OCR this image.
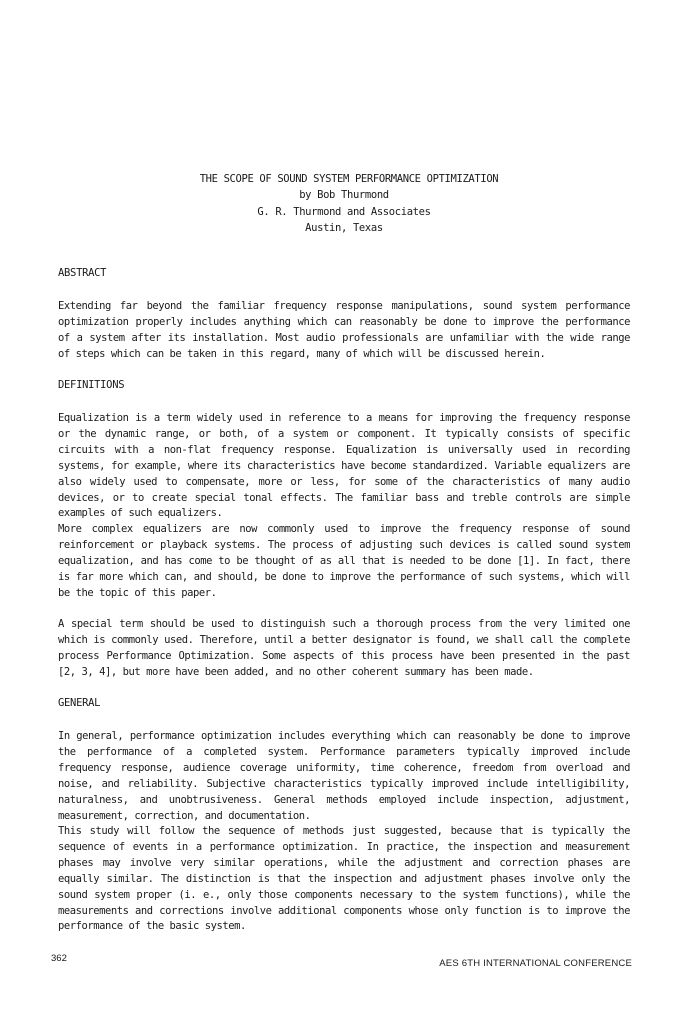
THE SCOPE OF SOUND SYSTEM PERFORMANCE OPTIMIZATION
by Bob Thurmond
G. R. Thurmond and Associates
Austin, Texas
ABSTRACT
Extending far beyond the familiar frequency response manipulations, sound system performance optimization properly includes anything which can reasonably be done to improve the performance of a system after its installation. Most audio professionals are unfamiliar with the wide range of steps which can be taken in this regard, many of which will be discussed herein.
DEFINITIONS
Equalization is a term widely used in reference to a means for improving the frequency response or the dynamic range, or both, of a system or component. It typically consists of specific circuits with a non-flat frequency response. Equalization is universally used in recording systems, for example, where its characteristics have become standardized. Variable equalizers are also widely used to compensate, more or less, for some of the characteristics of many audio devices, or to create special tonal effects. The familiar bass and treble controls are simple examples of such equalizers.
More complex equalizers are now commonly used to improve the frequency response of sound reinforcement or playback systems. The process of adjusting such devices is called sound system equalization, and has come to be thought of as all that is needed to be done [1]. In fact, there is far more which can, and should, be done to improve the performance of such systems, which will be the topic of this paper.
A special term should be used to distinguish such a thorough process from the very limited one which is commonly used. Therefore, until a better designator is found, we shall call the complete process Performance Optimization. Some aspects of this process have been presented in the past [2, 3, 4], but more have been added, and no other coherent summary has been made.
GENERAL
In general, performance optimization includes everything which can reasonably be done to improve the performance of a completed system. Performance parameters typically improved include frequency response, audience coverage uniformity, time coherence, freedom from overload and noise, and reliability. Subjective characteristics typically improved include intelligibility, naturalness, and unobtrusiveness. General methods employed include inspection, adjustment, measurement, correction, and documentation.
This study will follow the sequence of methods just suggested, because that is typically the sequence of events in a performance optimization. In practice, the inspection and measurement phases may involve very similar operations, while the adjustment and correction phases are equally similar. The distinction is that the inspection and adjustment phases involve only the sound system proper (i. e., only those components necessary to the system functions), while the measurements and corrections involve additional components whose only function is to improve the performance of the basic system.
362	AES 6TH INTERNATIONAL CONFERENCE
